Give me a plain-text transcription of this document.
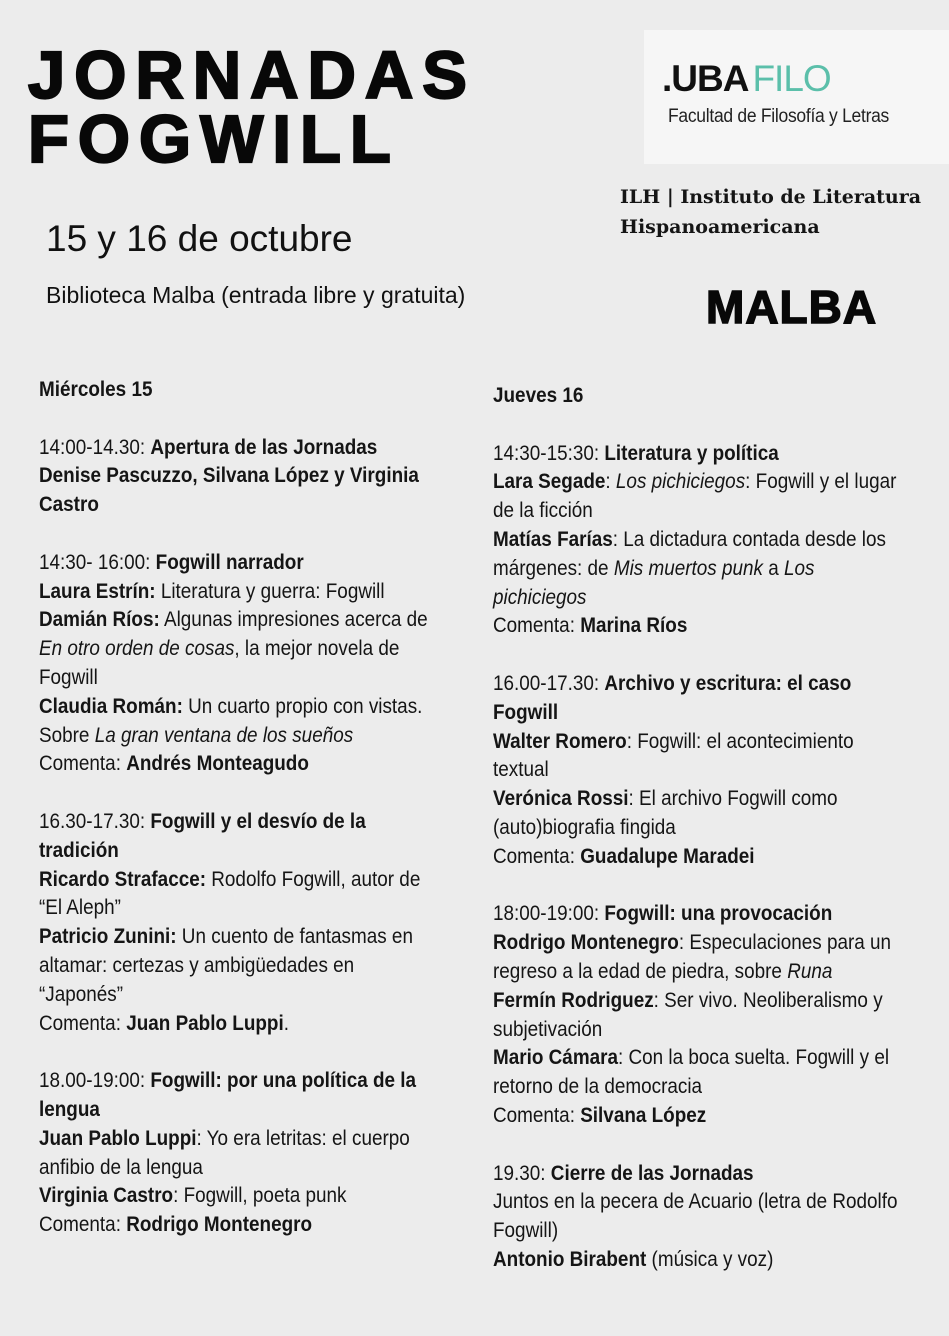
JORNADAS
FOGWILL
15 y 16 de octubre
Biblioteca Malba (entrada libre y gratuita)
.UBA FILO
Facultad de Filosofía y Letras
ILH | Instituto de Literatura
Hispanoamericana
MALBA
Miércoles 15
14:00-14.30: Apertura de las Jornadas
Denise Pascuzzo, Silvana López y Virginia Castro
14:30- 16:00: Fogwill narrador
Laura Estrín: Literatura y guerra: Fogwill
Damián Ríos: Algunas impresiones acerca de En otro orden de cosas, la mejor novela de Fogwill
Claudia Román: Un cuarto propio con vistas. Sobre La gran ventana de los sueños
Comenta: Andrés Monteagudo
16.30-17.30: Fogwill y el desvío de la tradición
Ricardo Strafacce: Rodolfo Fogwill, autor de “El Aleph”
Patricio Zunini: Un cuento de fantasmas en altamar: certezas y ambigüedades en “Japonés”
Comenta: Juan Pablo Luppi.
18.00-19:00: Fogwill: por una política de la lengua
Juan Pablo Luppi: Yo era letritas: el cuerpo anfibio de la lengua
Virginia Castro: Fogwill, poeta punk
Comenta: Rodrigo Montenegro
Jueves 16
14:30-15:30: Literatura y política
Lara Segade: Los pichiciegos: Fogwill y el lugar de la ficción
Matías Farías: La dictadura contada desde los márgenes: de Mis muertos punk a Los pichiciegos
Comenta: Marina Ríos
16.00-17.30: Archivo y escritura: el caso Fogwill
Walter Romero: Fogwill: el acontecimiento textual
Verónica Rossi: El archivo Fogwill como (auto)biografia fingida
Comenta: Guadalupe Maradei
18:00-19:00: Fogwill: una provocación
Rodrigo Montenegro: Especulaciones para un regreso a la edad de piedra, sobre Runa
Fermín Rodriguez: Ser vivo. Neoliberalismo y subjetivación
Mario Cámara: Con la boca suelta. Fogwill y el retorno de la democracia
Comenta: Silvana López
19.30: Cierre de las Jornadas
Juntos en la pecera de Acuario (letra de Rodolfo Fogwill)
Antonio Birabent (música y voz)
